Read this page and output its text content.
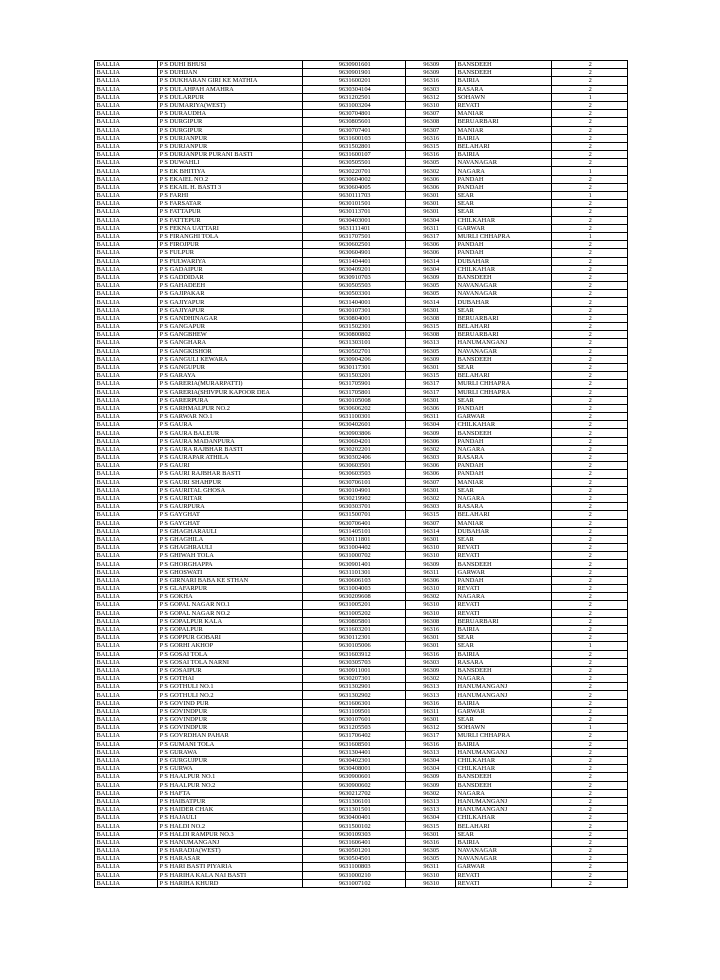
BALLIA	P S DUHI BHUSI	9630901601	96309	BANSDEEH	2
BALLIA	P S DUHIJAN	9630901901	96309	BANSDEEH	2
BALLIA	P S DUKHARAN GIRI KE MATHIA	9631600201	96316	BAIRIA	2
BALLIA	P S DULAHPAH AMAHRA	9630304104	96303	RASARA	2
BALLIA	P S DULARPUR	9631202501	96312	SOHAWN	1
BALLIA	P S DUMARIYA(WEST)	9631003204	96310	REVATI	2
BALLIA	P S DURAUDHA	9630704801	96307	MANIAR	2
BALLIA	P S DURGIPUR	9630805601	96308	BERUARBARI	2
BALLIA	P S DURGIPUR	9630707401	96307	MANIAR	2
BALLIA	P S DURJANPUR	9631600103	96316	BAIRIA	2
BALLIA	P S DURJANPUR	9631502801	96315	BELAHARI	2
BALLIA	P S DURJANPUR PURANI BASTI	9631600107	96316	BAIRIA	2
BALLIA	P S DUWAHLI	9630505501	96305	NAVANAGAR	2
BALLIA	P S EK BHITIYA	9630220701	96302	NAGARA	1
BALLIA	P S EKAIEL NO.2	9630604002	96306	PANDAH	2
BALLIA	P S EKAIL H. BASTI 3	9630604005	96306	PANDAH	2
BALLIA	P S FARHI	9630111703	96301	SEAR	1
BALLIA	P S FARSATAR	9630101501	96301	SEAR	2
BALLIA	P S FATTAPUR	9630113701	96301	SEAR	2
BALLIA	P S FATTEPUR	9630403001	96304	CHILKAHAR	2
BALLIA	P S FEKNA UATTARI	9631111401	96311	GARWAR	2
BALLIA	P S FIRANGHI TOLA	9631707501	96317	MURLI CHHAPRA	1
BALLIA	P S FIROJPUR	9630602501	96306	PANDAH	2
BALLIA	P S FULPUR	9630604901	96306	PANDAH	2
BALLIA	P S FULWARIYA	9631404401	96314	DUBAHAR	2
BALLIA	P S GADAIPUR	9630409201	96304	CHILKAHAR	2
BALLIA	P S GADDIDAR	9630910703	96309	BANSDEEH	2
BALLIA	P S GAHADEEH	9630505503	96305	NAVANAGAR	2
BALLIA	P S GAJIPAKAR	9630503301	96305	NAVANAGAR	2
BALLIA	P S GAJIYAPUR	9631404001	96314	DUBAHAR	2
BALLIA	P S GAJIYAPUR	9630107301	96301	SEAR	2
BALLIA	P S GANDHINAGAR	9630804001	96308	BERUARBARI	2
BALLIA	P S GANGAPUR	9631502301	96315	BELAHARI	2
BALLIA	P S GANGBHEW	9630800802	96308	BERUARBARI	2
BALLIA	P S GANGHARA	9631303101	96313	HANUMANGANJ	2
BALLIA	P S GANGKISHOR	9630502701	96305	NAVANAGAR	2
BALLIA	P S GANGULI KEWARA	9630904206	96309	BANSDEEH	2
BALLIA	P S GANGUPUR	9630117301	96301	SEAR	2
BALLIA	P S GARAYA	9631503201	96315	BELAHARI	2
BALLIA	P S GARERIA(MURARPATTI)	9631705901	96317	MURLI CHHAPRA	2
BALLIA	P S GARERIA(SHIVPUR KAPOOR DEA	9631705801	96317	MURLI CHHAPRA	2
BALLIA	P S GARERPURA	9630105008	96301	SEAR	2
BALLIA	P S GARHMALPUR NO.2	9630606202	96306	PANDAH	2
BALLIA	P S GARWAR NO.1	9631100301	96311	GARWAR	2
BALLIA	P S GAURA	9630402601	96304	CHILKAHAR	2
BALLIA	P S GAURA BALEUR	9630903806	96309	BANSDEEH	2
BALLIA	P S GAURA MADANPURA	9630604201	96306	PANDAH	2
BALLIA	P S GAURA RAJBHAR BASTI	9630202201	96302	NAGARA	2
BALLIA	P S GAURAPAR ATHILA	9630302406	96303	RASARA	2
BALLIA	P S GAURI	9630603501	96306	PANDAH	2
BALLIA	P S GAURI RAJBHAR BASTI	9630603503	96306	PANDAH	2
BALLIA	P S GAURI SHAHPUR	9630706101	96307	MANIAR	2
BALLIA	P S GAURITAL GHOSA	9630104901	96301	SEAR	2
BALLIA	P S GAURITAR	9630219902	96302	NAGARA	2
BALLIA	P S GAURPURA	9630303701	96303	RASARA	2
BALLIA	P S GAYGHAT	9631500701	96315	BELAHARI	2
BALLIA	P S GAYGHAT	9630706401	96307	MANIAR	2
BALLIA	P S GHAGHARAULI	9631405101	96314	DUBAHAR	2
BALLIA	P S GHAGHILA	9630111801	96301	SEAR	2
BALLIA	P S GHAGHRAULI	9631004402	96310	REVATI	2
BALLIA	P S GHIWAH TOLA	9631000702	96310	REVATI	2
BALLIA	P S GHORGHAPPA	9630901401	96309	BANSDEEH	2
BALLIA	P S GHOSWATI	9631101301	96311	GARWAR	2
BALLIA	P S GIRNARI BABA KE STHAN	9630606103	96306	PANDAH	2
BALLIA	P S GLAFARPUR	9631004003	96310	REVATI	2
BALLIA	P S GOKHA	9630209608	96302	NAGARA	2
BALLIA	P S GOPAL NAGAR NO.1	9631005201	96310	REVATI	2
BALLIA	P S GOPAL NAGAR NO.2	9631005202	96310	REVATI	2
BALLIA	P S GOPALPUR KALA	9630805801	96308	BERUARBARI	2
BALLIA	P S GOPALPUR	9631603201	96316	BAIRIA	2
BALLIA	P S GOPPUR GOBARI	9630112301	96301	SEAR	2
BALLIA	P S GORHI AKHOP	9630105006	96301	SEAR	1
BALLIA	P S GOSAI TOLA	9631603912	96316	BAIRIA	2
BALLIA	P S GOSAI TOLA NARNI	9630305703	96303	RASARA	2
BALLIA	P S GOSAIPUR	9630911001	96309	BANSDEEH	2
BALLIA	P S GOTHAI	9630207301	96302	NAGARA	2
BALLIA	P S GOTHULI NO.1	9631302901	96313	HANUMANGANJ	2
BALLIA	P S GOTHULI NO.2	9631302902	96313	HANUMANGANJ	2
BALLIA	P S GOVIND PUR	9631606301	96316	BAIRIA	2
BALLIA	P S GOVINDPUR	9631109501	96311	GARWAR	2
BALLIA	P S GOVINDPUR	9630107601	96301	SEAR	2
BALLIA	P S GOVINDPUR	9631205503	96312	SOHAWN	1
BALLIA	P S GOVRDHAN PAHAR	9631706402	96317	MURLI CHHAPRA	2
BALLIA	P S GUMANI TOLA	9631608501	96316	BAIRIA	2
BALLIA	P S GURAWA	9631304401	96313	HANUMANGANJ	2
BALLIA	P S GURGUJPUR	9630402301	96304	CHILKAHAR	2
BALLIA	P S GURWA	9630408001	96304	CHILKAHAR	2
BALLIA	P S HAALPUR NO.1	9630900601	96309	BANSDEEH	2
BALLIA	P S HAALPUR NO.2	9630900602	96309	BANSDEEH	2
BALLIA	P S HAFTA	9630212702	96302	NAGARA	2
BALLIA	P S HAIBATPUR	9631306101	96313	HANUMANGANJ	2
BALLIA	P S HAIDER CHAK	9631301501	96313	HANUMANGANJ	2
BALLIA	P S HAJAULI	9630400401	96304	CHILKAHAR	2
BALLIA	P S HALDI NO.2	9631500102	96315	BELAHARI	2
BALLIA	P S HALDI RAMPUR NO.3	9630109303	96301	SEAR	2
BALLIA	P S HANUMANGANJ	9631606401	96316	BAIRIA	2
BALLIA	P S HARADIA(WEST)	9630501201	96305	NAVANAGAR	2
BALLIA	P S HARASAR	9630504501	96305	NAVANAGAR	2
BALLIA	P S HARI BASTI PIYARIA	9631100803	96311	GARWAR	2
BALLIA	P S HARIHA KALA NAI BASTI	9631000210	96310	REVATI	2
BALLIA	P S HARIHA KHURD	9631007102	96310	REVATI	2
